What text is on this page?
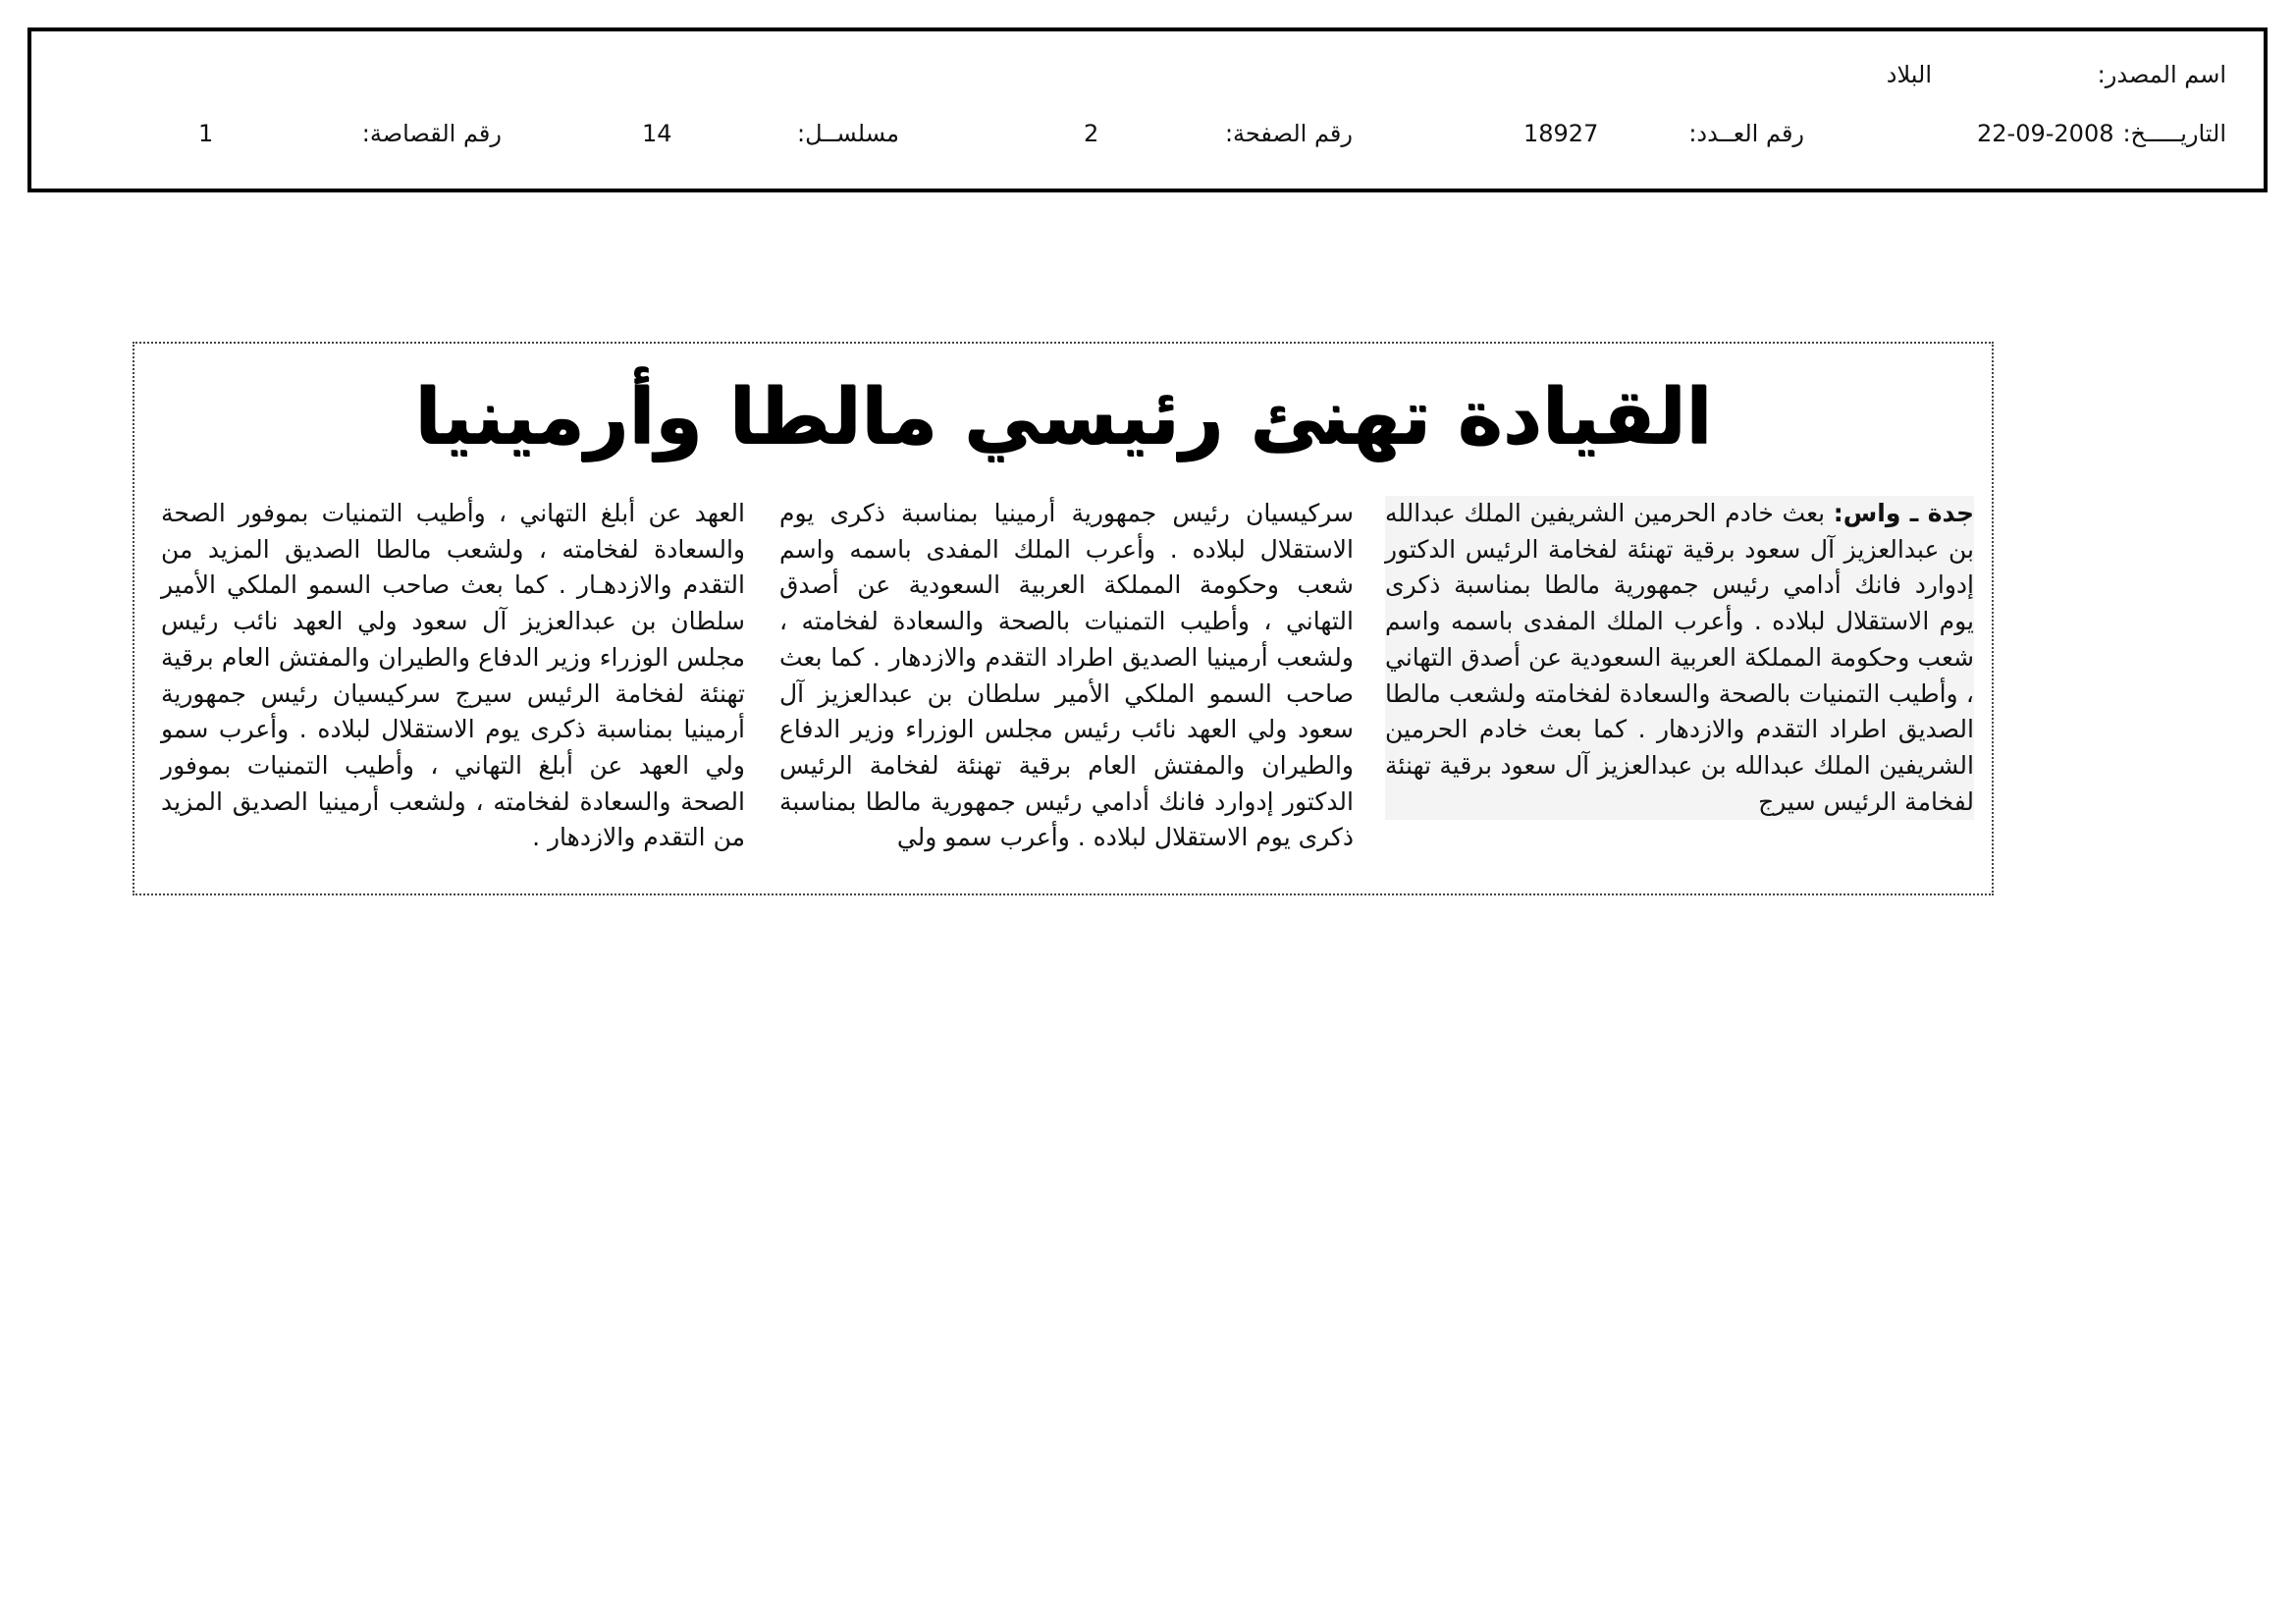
اسم المصدر:
البلاد
التاريـــــخ:
22-09-2008
رقم العــدد:
18927
رقم الصفحة:
2
مسلســل:
14
رقم القصاصة:
1
القيادة تهنئ رئيسي مالطا وأرمينيا

جدة ـ واس: بعث خادم الحرمين الشريفين الملك عبدالله بن عبدالعزيز آل سعود برقية تهنئة لفخامة الرئيس الدكتور إدوارد فانك أدامي رئيس جمهورية مالطا بمناسبة ذكرى يوم الاستقلال لبلاده . وأعرب الملك المفدى باسمه واسم شعب وحكومة المملكة العربية السعودية عن أصدق التهاني ، وأطيب التمنيات بالصحة والسعادة لفخامته ولشعب مالطا الصديق اطراد التقدم والازدهار . كما بعث خادم الحرمين الشريفين الملك عبدالله بن عبدالعزيز آل سعود برقية تهنئة لفخامة الرئيس سيرج

سركيسيان رئيس جمهورية أرمينيا بمناسبة ذكرى يوم الاستقلال لبلاده . وأعرب الملك المفدى باسمه واسم شعب وحكومة المملكة العربية السعودية عن أصدق التهاني ، وأطيب التمنيات بالصحة والسعادة لفخامته ، ولشعب أرمينيا الصديق اطراد التقدم والازدهار . كما بعث صاحب السمو الملكي الأمير سلطان بن عبدالعزيز آل سعود ولي العهد نائب رئيس مجلس الوزراء وزير الدفاع والطيران والمفتش العام برقية تهنئة لفخامة الرئيس الدكتور إدوارد فانك أدامي رئيس جمهورية مالطا بمناسبة ذكرى يوم الاستقلال لبلاده . وأعرب سمو ولي

العهد عن أبلغ التهاني ، وأطيب التمنيات بموفور الصحة والسعادة لفخامته ، ولشعب مالطا الصديق المزيد من التقدم والازدهـار . كما بعث صاحب السمو الملكي الأمير سلطان بن عبدالعزيز آل سعود ولي العهد نائب رئيس مجلس الوزراء وزير الدفاع والطيران والمفتش العام برقية تهنئة لفخامة الرئيس سيرج سركيسيان رئيس جمهورية أرمينيا بمناسبة ذكرى يوم الاستقلال لبلاده . وأعرب سمو ولي العهد عن أبلغ التهاني ، وأطيب التمنيات بموفور الصحة والسعادة لفخامته ، ولشعب أرمينيا الصديق المزيد من التقدم والازدهار .
